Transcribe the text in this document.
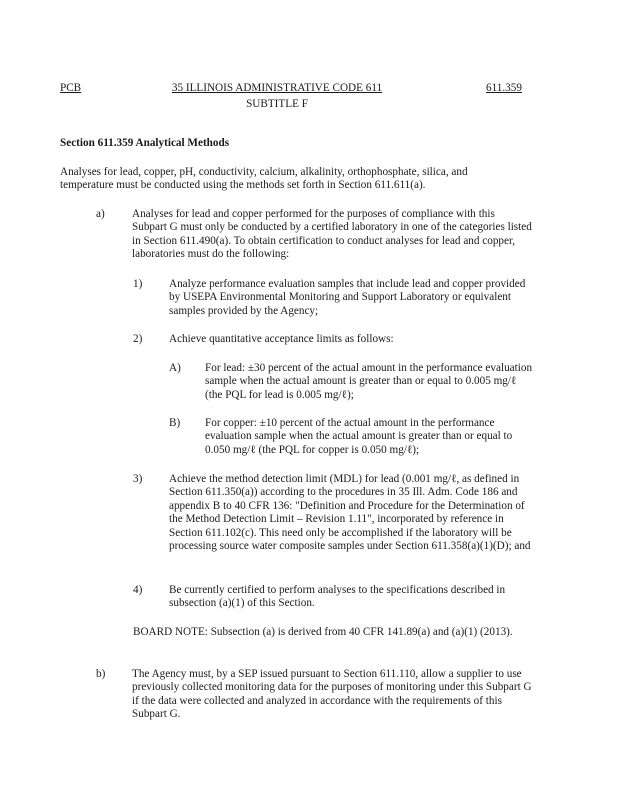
PCB	35 ILLINOIS ADMINISTRATIVE CODE 611
SUBTITLE F
611.359
Section 611.359 Analytical Methods
Analyses for lead, copper, pH, conductivity, calcium, alkalinity, orthophosphate, silica, and temperature must be conducted using the methods set forth in Section 611.611(a).
a) Analyses for lead and copper performed for the purposes of compliance with this Subpart G must only be conducted by a certified laboratory in one of the categories listed in Section 611.490(a). To obtain certification to conduct analyses for lead and copper, laboratories must do the following:
1) Analyze performance evaluation samples that include lead and copper provided by USEPA Environmental Monitoring and Support Laboratory or equivalent samples provided by the Agency;
2) Achieve quantitative acceptance limits as follows:
A) For lead: ±30 percent of the actual amount in the performance evaluation sample when the actual amount is greater than or equal to 0.005 mg/ℓ (the PQL for lead is 0.005 mg/ℓ);
B) For copper: ±10 percent of the actual amount in the performance evaluation sample when the actual amount is greater than or equal to 0.050 mg/ℓ (the PQL for copper is 0.050 mg/ℓ);
3) Achieve the method detection limit (MDL) for lead (0.001 mg/ℓ, as defined in Section 611.350(a)) according to the procedures in 35 Ill. Adm. Code 186 and appendix B to 40 CFR 136: "Definition and Procedure for the Determination of the Method Detection Limit – Revision 1.11", incorporated by reference in Section 611.102(c). This need only be accomplished if the laboratory will be processing source water composite samples under Section 611.358(a)(1)(D); and
4) Be currently certified to perform analyses to the specifications described in subsection (a)(1) of this Section.
BOARD NOTE: Subsection (a) is derived from 40 CFR 141.89(a) and (a)(1) (2013).
b) The Agency must, by a SEP issued pursuant to Section 611.110, allow a supplier to use previously collected monitoring data for the purposes of monitoring under this Subpart G if the data were collected and analyzed in accordance with the requirements of this Subpart G.
